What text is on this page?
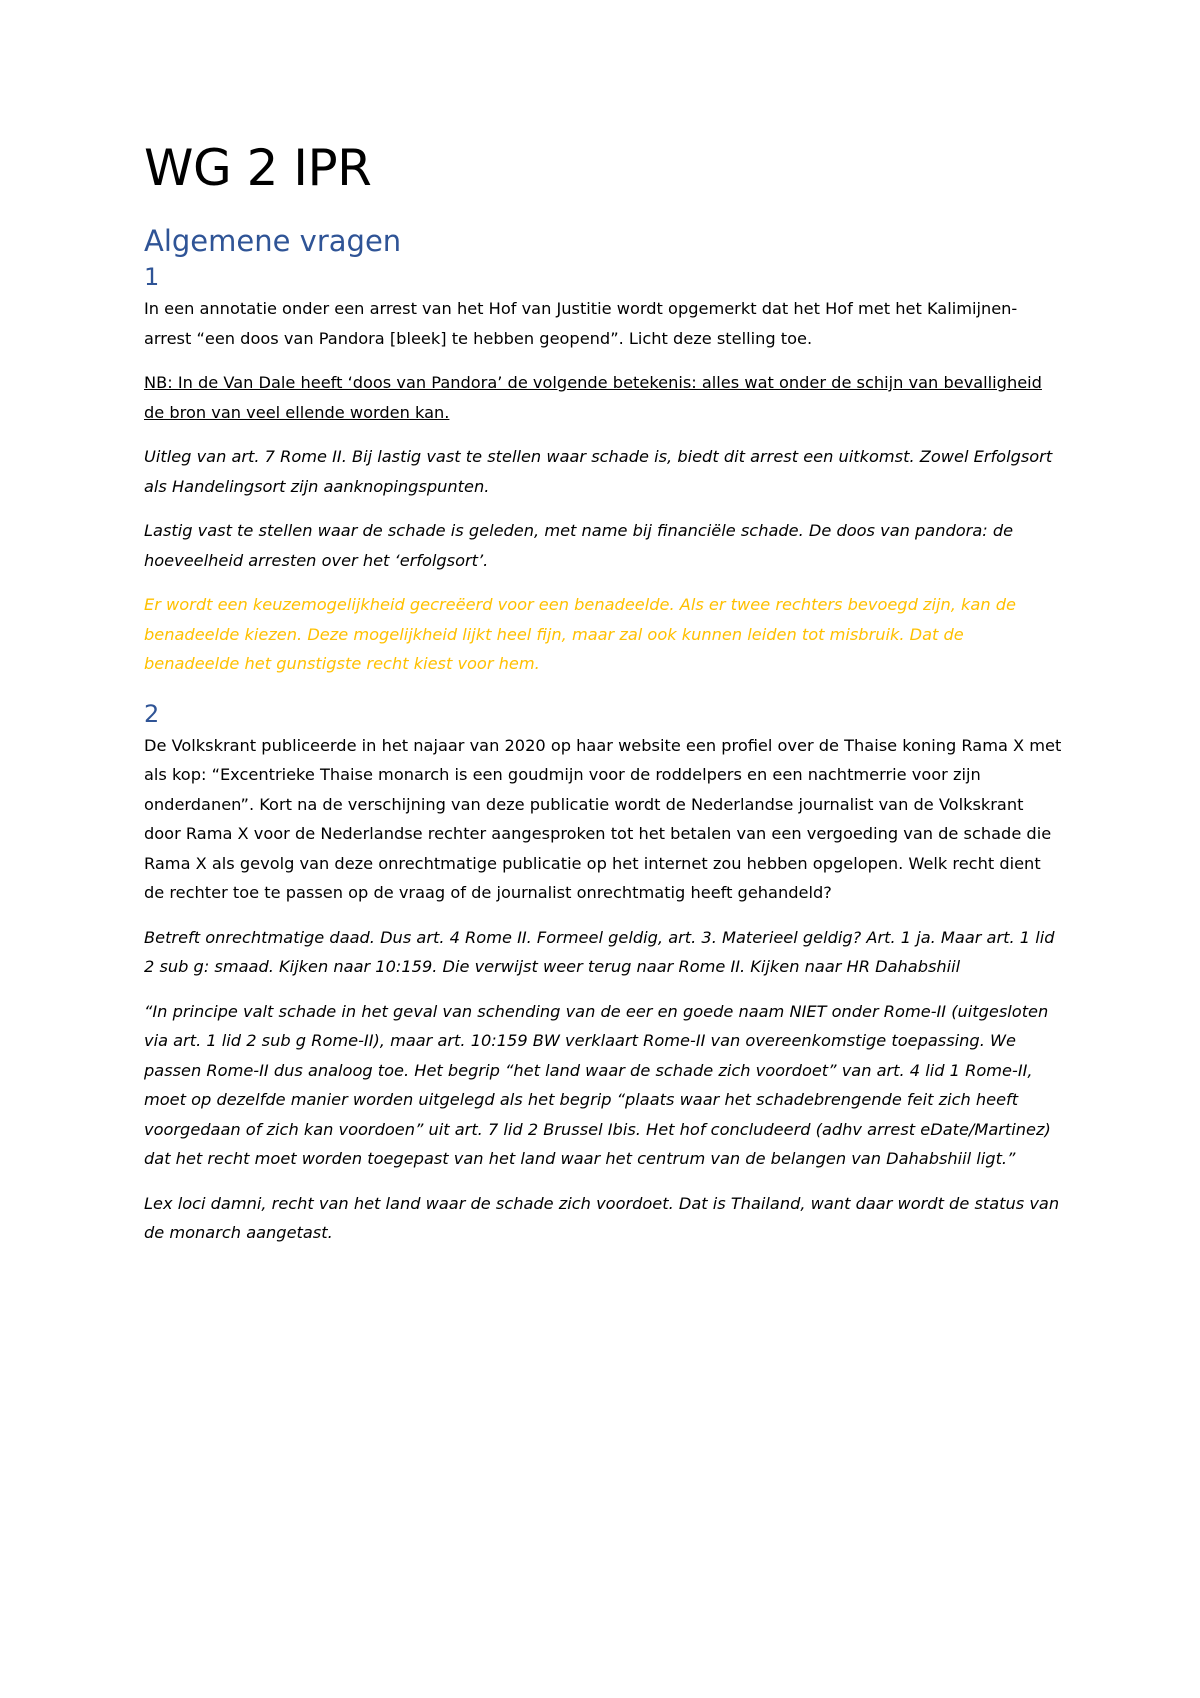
WG 2 IPR
Algemene vragen
1

In een annotatie onder een arrest van het Hof van Justitie wordt opgemerkt dat het Hof met het Kalimijnen-arrest “een doos van Pandora [bleek] te hebben geopend”. Licht deze stelling toe.

NB: In de Van Dale heeft ‘doos van Pandora’ de volgende betekenis: alles wat onder de schijn van bevalligheid de bron van veel ellende worden kan.

Uitleg van art. 7 Rome II. Bij lastig vast te stellen waar schade is, biedt dit arrest een uitkomst. Zowel Erfolgsort als Handelingsort zijn aanknopingspunten.

Lastig vast te stellen waar de schade is geleden, met name bij financiële schade. De doos van pandora: de hoeveelheid arresten over het ‘erfolgsort’.

Er wordt een keuzemogelijkheid gecreëerd voor een benadeelde. Als er twee rechters bevoegd zijn, kan de benadeelde kiezen. Deze mogelijkheid lijkt heel fijn, maar zal ook kunnen leiden tot misbruik. Dat de benadeelde het gunstigste recht kiest voor hem.

2

De Volkskrant publiceerde in het najaar van 2020 op haar website een profiel over de Thaise koning Rama X met als kop: “Excentrieke Thaise monarch is een goudmijn voor de roddelpers en een nachtmerrie voor zijn onderdanen”. Kort na de verschijning van deze publicatie wordt de Nederlandse journalist van de Volkskrant door Rama X voor de Nederlandse rechter aangesproken tot het betalen van een vergoeding van de schade die Rama X als gevolg van deze onrechtmatige publicatie op het internet zou hebben opgelopen. Welk recht dient de rechter toe te passen op de vraag of de journalist onrechtmatig heeft gehandeld?

Betreft onrechtmatige daad. Dus art. 4 Rome II. Formeel geldig, art. 3. Materieel geldig? Art. 1 ja. Maar art. 1 lid 2 sub g: smaad. Kijken naar 10:159. Die verwijst weer terug naar Rome II. Kijken naar HR Dahabshiil

“In principe valt schade in het geval van schending van de eer en goede naam NIET onder Rome-II (uitgesloten via art. 1 lid 2 sub g Rome-II), maar art. 10:159 BW verklaart Rome-II van overeenkomstige toepassing. We passen Rome-II dus analoog toe. Het begrip “het land waar de schade zich voordoet” van art. 4 lid 1 Rome-II, moet op dezelfde manier worden uitgelegd als het begrip “plaats waar het schadebrengende feit zich heeft voorgedaan of zich kan voordoen” uit art. 7 lid 2 Brussel Ibis. Het hof concludeerd (adhv arrest eDate/Martinez) dat het recht moet worden toegepast van het land waar het centrum van de belangen van Dahabshiil ligt.”

Lex loci damni, recht van het land waar de schade zich voordoet. Dat is Thailand, want daar wordt de status van de monarch aangetast.
